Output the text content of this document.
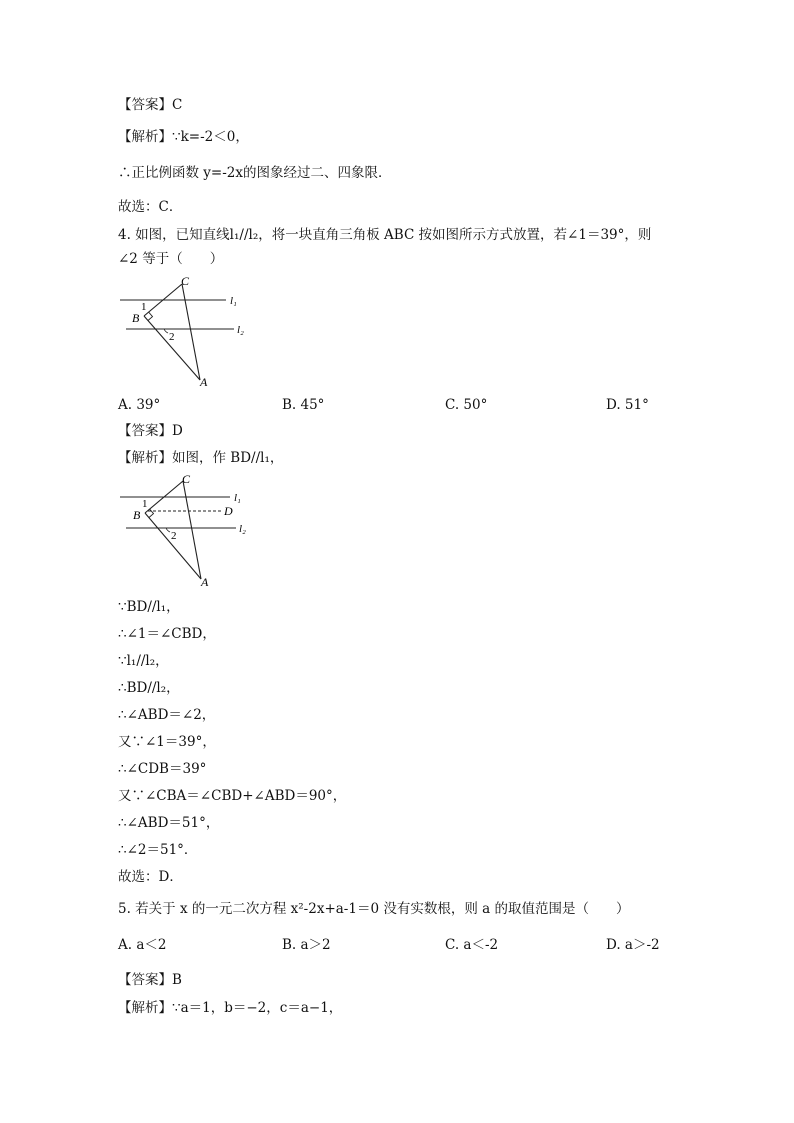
【答案】C
【解析】∵k=-2＜0，
∴正比例函数 y=-2x的图象经过二、四象限．
故选：C．
4. 如图，已知直线l₁//l₂，将一块直角三角板 ABC 按如图所示方式放置，若∠1＝39°，则
∠2 等于（　　）
C
B
A
1
2
l₁
l₂
A. 39°	B. 45°	C. 50°	D. 51°
【答案】D
【解析】如图，作 BD//l₁，
C
B	D
A
1
2
l₁
l₂
∵BD//l₁，
∴∠1＝∠CBD，
∵l₁//l₂，
∴BD//l₂，
∴∠ABD＝∠2，
又∵∠1＝39°，
∴∠CDB＝39°
又∵∠CBA＝∠CBD+∠ABD＝90°，
∴∠ABD＝51°，
∴∠2＝51°．
故选：D．
5. 若关于 x 的一元二次方程 x²-2x+a-1＝0 没有实数根，则 a 的取值范围是（　　）
A. a＜2	B. a＞2	C. a＜-2	D. a＞-2
【答案】B
【解析】∵a＝1，b＝−2，c＝a−1，
